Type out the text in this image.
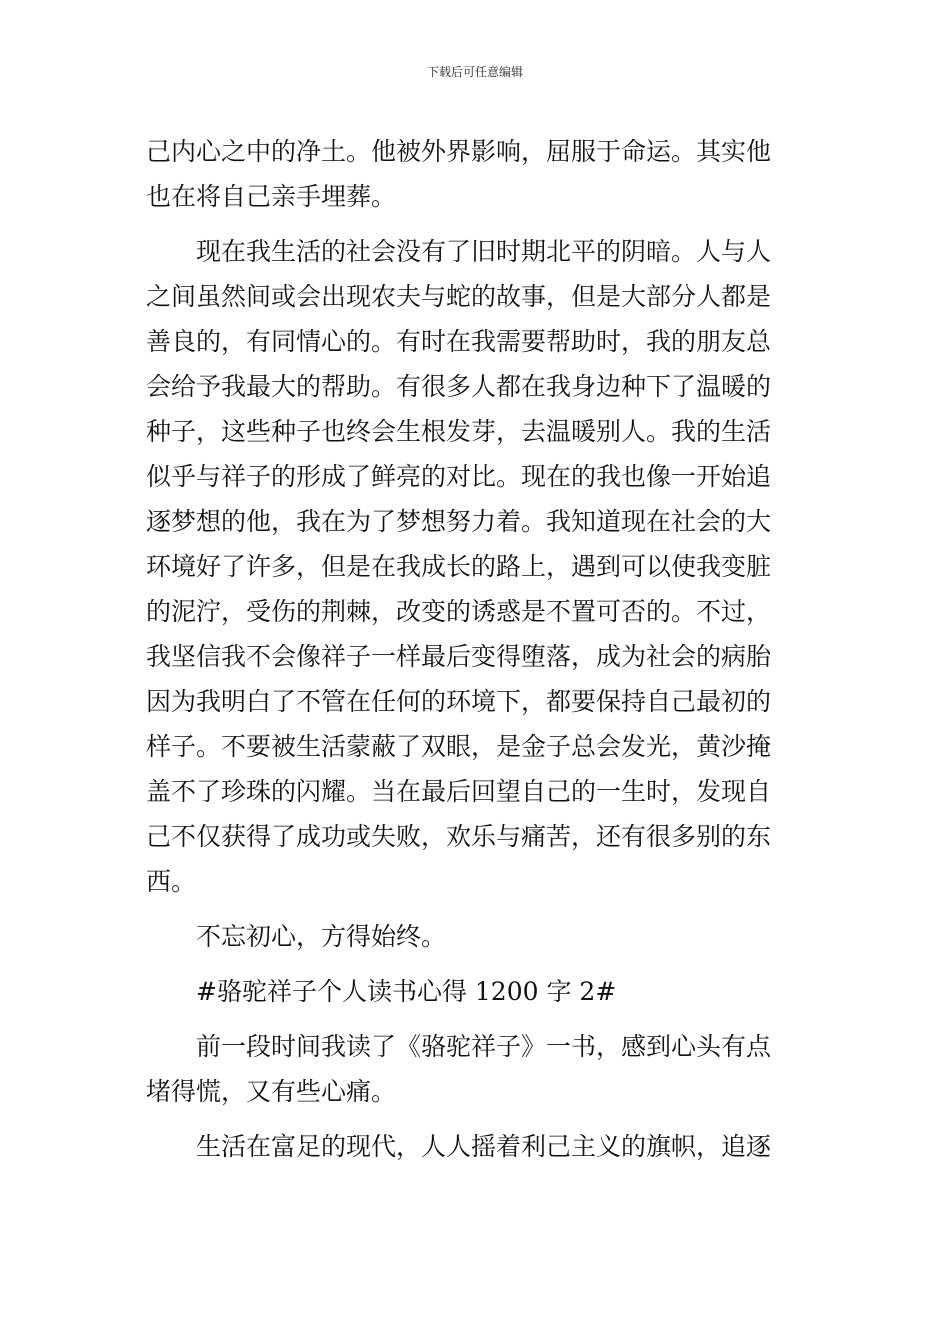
下载后可任意编辑
己内心之中的净土。他被外界影响，屈服于命运。其实他
也在将自己亲手埋葬。
现在我生活的社会没有了旧时期北平的阴暗。人与人
之间虽然间或会出现农夫与蛇的故事，但是大部分人都是
善良的，有同情心的。有时在我需要帮助时，我的朋友总
会给予我最大的帮助。有很多人都在我身边种下了温暖的
种子，这些种子也终会生根发芽，去温暖别人。我的生活
似乎与祥子的形成了鲜亮的对比。现在的我也像一开始追
逐梦想的他，我在为了梦想努力着。我知道现在社会的大
环境好了许多，但是在我成长的路上，遇到可以使我变脏
的泥泞，受伤的荆棘，改变的诱惑是不置可否的。不过，
我坚信我不会像祥子一样最后变得堕落，成为社会的病胎
因为我明白了不管在任何的环境下，都要保持自己最初的
样子。不要被生活蒙蔽了双眼，是金子总会发光，黄沙掩
盖不了珍珠的闪耀。当在最后回望自己的一生时，发现自
己不仅获得了成功或失败，欢乐与痛苦，还有很多别的东
西。
不忘初心，方得始终。
#骆驼祥子个人读书心得 1200 字 2#
前一段时间我读了《骆驼祥子》一书，感到心头有点
堵得慌，又有些心痛。
生活在富足的现代，人人摇着利己主义的旗帜，追逐
